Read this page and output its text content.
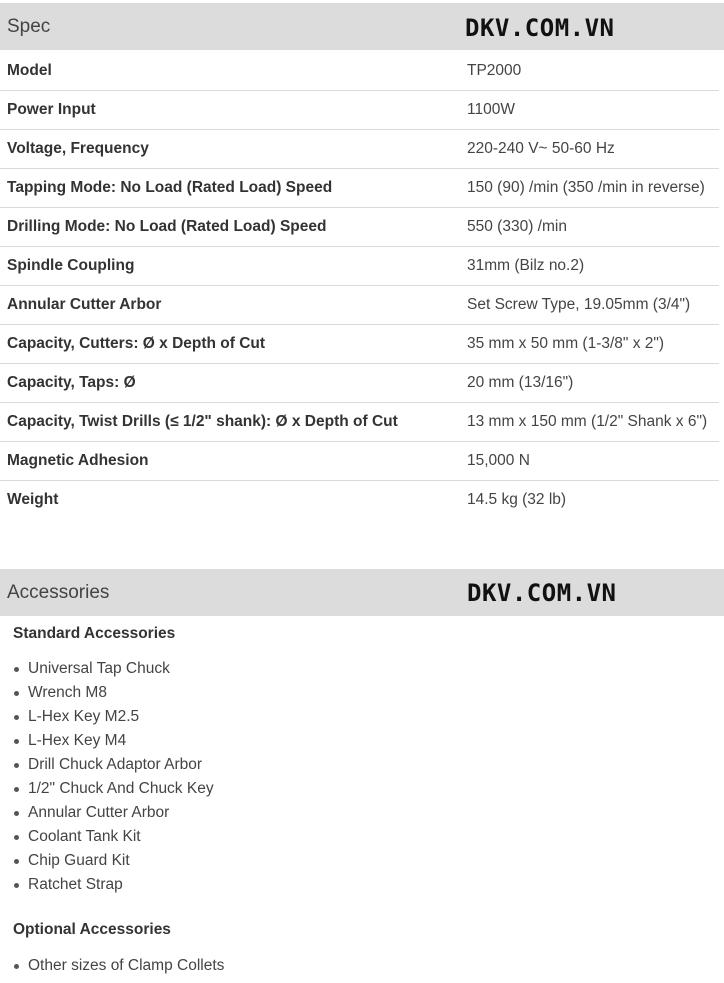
Spec	DKV.COM.VN
Model	TP2000
Power Input	1100W
Voltage, Frequency	220-240 V~ 50-60 Hz
Tapping Mode: No Load (Rated Load) Speed	150 (90) /min (350 /min in reverse)
Drilling Mode: No Load (Rated Load) Speed	550 (330) /min
Spindle Coupling	31mm (Bilz no.2)
Annular Cutter Arbor	Set Screw Type, 19.05mm (3/4")
Capacity, Cutters: Ø x Depth of Cut	35 mm x 50 mm (1-3/8" x 2")
Capacity, Taps: Ø	20 mm (13/16")
Capacity, Twist Drills (≤ 1/2" shank): Ø x Depth of Cut	13 mm x 150 mm (1/2" Shank x 6")
Magnetic Adhesion	15,000 N
Weight	14.5 kg (32 lb)
Accessories	DKV.COM.VN
Standard Accessories
Universal Tap Chuck
Wrench M8
L-Hex Key M2.5
L-Hex Key M4
Drill Chuck Adaptor Arbor
1/2" Chuck And Chuck Key
Annular Cutter Arbor
Coolant Tank Kit
Chip Guard Kit
Ratchet Strap
Optional Accessories
Other sizes of Clamp Collets
